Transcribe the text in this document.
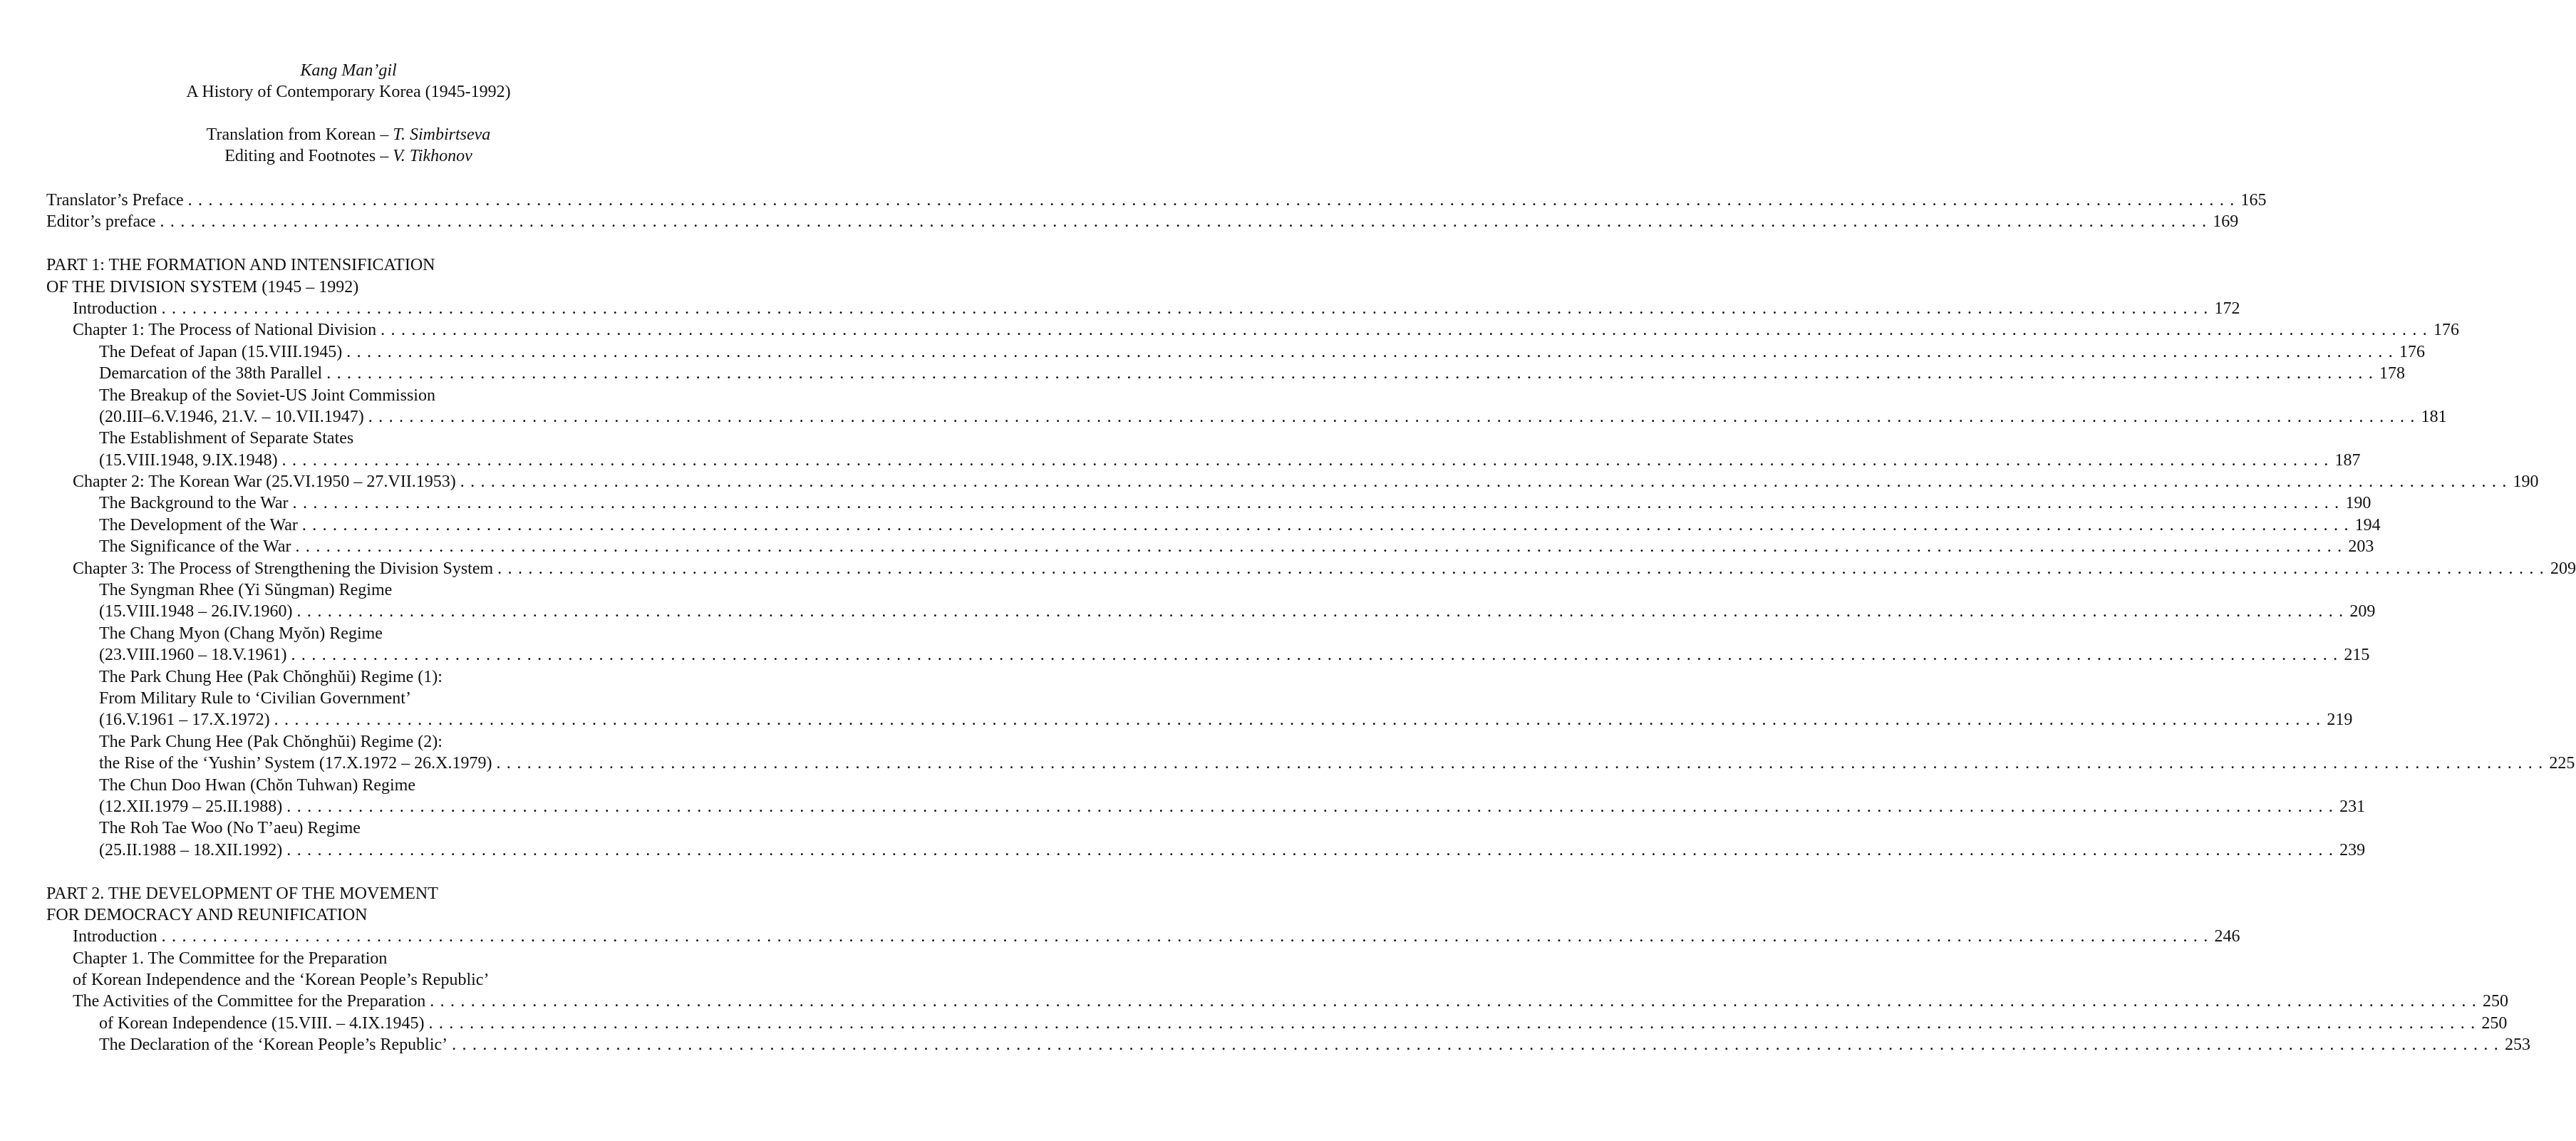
Kang Man’gil
A History of Contemporary Korea (1945-1992)
Translation from Korean – T. Simbirtseva
Editing and Footnotes – V. Tikhonov
Translator’s Preface . . . . . . . . . . . . . . . . . . . . . . . . . . . . . . . . . . . . . . . . . . . . . . . . . . . . . . . . . . . . . . . . . . . . . . . . . . . . . . . . . . . . . . . . . . . . . . . . . . . . . . . . . . . . . . . . . . . . . . . . . . . . . . . . . . . . . . . . . . . . . . . . . . . . . . . . . . . . . . . . . . . . . . . . . . . . . . . . . . . . . . . . . . . . . . . . . . . . . . . . 165
Editor’s preface . . . . . . . . . . . . . . . . . . . . . . . . . . . . . . . . . . . . . . . . . . . . . . . . . . . . . . . . . . . . . . . . . . . . . . . . . . . . . . . . . . . . . . . . . . . . . . . . . . . . . . . . . . . . . . . . . . . . . . . . . . . . . . . . . . . . . . . . . . . . . . . . . . . . . . . . . . . . . . . . . . . . . . . . . . . . . . . . . . . . . . . . . . . . . . . . . . . . . . . . 169
PART 1: THE FORMATION AND INTENSIFICATION
OF THE DIVISION SYSTEM (1945 – 1992)
Introduction . . . . . . . . . . . . . . . . . . . . . . . . . . . . . . . . . . . . . . . . . . . . . . . . . . . . . . . . . . . . . . . . . . . . . . . . . . . . . . . . . . . . . . . . . . . . . . . . . . . . . . . . . . . . . . . . . . . . . . . . . . . . . . . . . . . . . . . . . . . . . . . . . . . . . . . . . . . . . . . . . . . . . . . . . . . . . . . . . . . . . . . . . . . . . . . . . . . . . . . . 172
Chapter 1: The Process of National Division . . . . . . . . . . . . . . . . . . . . . . . . . . . . . . . . . . . . . . . . . . . . . . . . . . . . . . . . . . . . . . . . . . . . . . . . . . . . . . . . . . . . . . . . . . . . . . . . . . . . . . . . . . . . . . . . . . . . . . . . . . . . . . . . . . . . . . . . . . . . . . . . . . . . . . . . . . . . . . . . . . . . . . . . . . . . . . . . . . . . . . . . . . . . . . . . . . . . . . . . 176
The Defeat of Japan (15.VIII.1945) . . . . . . . . . . . . . . . . . . . . . . . . . . . . . . . . . . . . . . . . . . . . . . . . . . . . . . . . . . . . . . . . . . . . . . . . . . . . . . . . . . . . . . . . . . . . . . . . . . . . . . . . . . . . . . . . . . . . . . . . . . . . . . . . . . . . . . . . . . . . . . . . . . . . . . . . . . . . . . . . . . . . . . . . . . . . . . . . . . . . . . . . . . . . . . . . . . . . . . . . 176
Demarcation of the 38th Parallel . . . . . . . . . . . . . . . . . . . . . . . . . . . . . . . . . . . . . . . . . . . . . . . . . . . . . . . . . . . . . . . . . . . . . . . . . . . . . . . . . . . . . . . . . . . . . . . . . . . . . . . . . . . . . . . . . . . . . . . . . . . . . . . . . . . . . . . . . . . . . . . . . . . . . . . . . . . . . . . . . . . . . . . . . . . . . . . . . . . . . . . . . . . . . . . . . . . . . . . . 178
The Breakup of the Soviet-US Joint Commission
(20.III–6.V.1946, 21.V. – 10.VII.1947) . . . . . . . . . . . . . . . . . . . . . . . . . . . . . . . . . . . . . . . . . . . . . . . . . . . . . . . . . . . . . . . . . . . . . . . . . . . . . . . . . . . . . . . . . . . . . . . . . . . . . . . . . . . . . . . . . . . . . . . . . . . . . . . . . . . . . . . . . . . . . . . . . . . . . . . . . . . . . . . . . . . . . . . . . . . . . . . . . . . . . . . . . . . . . . . . . . . . . . . . 181
The Establishment of Separate States
(15.VIII.1948, 9.IX.1948) . . . . . . . . . . . . . . . . . . . . . . . . . . . . . . . . . . . . . . . . . . . . . . . . . . . . . . . . . . . . . . . . . . . . . . . . . . . . . . . . . . . . . . . . . . . . . . . . . . . . . . . . . . . . . . . . . . . . . . . . . . . . . . . . . . . . . . . . . . . . . . . . . . . . . . . . . . . . . . . . . . . . . . . . . . . . . . . . . . . . . . . . . . . . . . . . . . . . . . . . 187
Chapter 2: The Korean War (25.VI.1950 – 27.VII.1953) . . . . . . . . . . . . . . . . . . . . . . . . . . . . . . . . . . . . . . . . . . . . . . . . . . . . . . . . . . . . . . . . . . . . . . . . . . . . . . . . . . . . . . . . . . . . . . . . . . . . . . . . . . . . . . . . . . . . . . . . . . . . . . . . . . . . . . . . . . . . . . . . . . . . . . . . . . . . . . . . . . . . . . . . . . . . . . . . . . . . . . . . . . . . . . . . . . . . . . . . 190
The Background to the War . . . . . . . . . . . . . . . . . . . . . . . . . . . . . . . . . . . . . . . . . . . . . . . . . . . . . . . . . . . . . . . . . . . . . . . . . . . . . . . . . . . . . . . . . . . . . . . . . . . . . . . . . . . . . . . . . . . . . . . . . . . . . . . . . . . . . . . . . . . . . . . . . . . . . . . . . . . . . . . . . . . . . . . . . . . . . . . . . . . . . . . . . . . . . . . . . . . . . . . . 190
The Development of the War . . . . . . . . . . . . . . . . . . . . . . . . . . . . . . . . . . . . . . . . . . . . . . . . . . . . . . . . . . . . . . . . . . . . . . . . . . . . . . . . . . . . . . . . . . . . . . . . . . . . . . . . . . . . . . . . . . . . . . . . . . . . . . . . . . . . . . . . . . . . . . . . . . . . . . . . . . . . . . . . . . . . . . . . . . . . . . . . . . . . . . . . . . . . . . . . . . . . . . . . 194
The Significance of the War . . . . . . . . . . . . . . . . . . . . . . . . . . . . . . . . . . . . . . . . . . . . . . . . . . . . . . . . . . . . . . . . . . . . . . . . . . . . . . . . . . . . . . . . . . . . . . . . . . . . . . . . . . . . . . . . . . . . . . . . . . . . . . . . . . . . . . . . . . . . . . . . . . . . . . . . . . . . . . . . . . . . . . . . . . . . . . . . . . . . . . . . . . . . . . . . . . . . . . . . 203
Chapter 3: The Process of Strengthening the Division System . . . . . . . . . . . . . . . . . . . . . . . . . . . . . . . . . . . . . . . . . . . . . . . . . . . . . . . . . . . . . . . . . . . . . . . . . . . . . . . . . . . . . . . . . . . . . . . . . . . . . . . . . . . . . . . . . . . . . . . . . . . . . . . . . . . . . . . . . . . . . . . . . . . . . . . . . . . . . . . . . . . . . . . . . . . . . . . . . . . . . . . . . . . . . . . . . . . . . . . . 209
The Syngman Rhee (Yi Sŭngman) Regime
(15.VIII.1948 – 26.IV.1960) . . . . . . . . . . . . . . . . . . . . . . . . . . . . . . . . . . . . . . . . . . . . . . . . . . . . . . . . . . . . . . . . . . . . . . . . . . . . . . . . . . . . . . . . . . . . . . . . . . . . . . . . . . . . . . . . . . . . . . . . . . . . . . . . . . . . . . . . . . . . . . . . . . . . . . . . . . . . . . . . . . . . . . . . . . . . . . . . . . . . . . . . . . . . . . . . . . . . . . . . 209
The Chang Myon (Chang Myŏn) Regime
(23.VIII.1960 – 18.V.1961) . . . . . . . . . . . . . . . . . . . . . . . . . . . . . . . . . . . . . . . . . . . . . . . . . . . . . . . . . . . . . . . . . . . . . . . . . . . . . . . . . . . . . . . . . . . . . . . . . . . . . . . . . . . . . . . . . . . . . . . . . . . . . . . . . . . . . . . . . . . . . . . . . . . . . . . . . . . . . . . . . . . . . . . . . . . . . . . . . . . . . . . . . . . . . . . . . . . . . . . . 215
The Park Chung Hee (Pak Chŏnghŭi) Regime (1):
From Military Rule to ‘Civilian Government’
(16.V.1961 – 17.X.1972) . . . . . . . . . . . . . . . . . . . . . . . . . . . . . . . . . . . . . . . . . . . . . . . . . . . . . . . . . . . . . . . . . . . . . . . . . . . . . . . . . . . . . . . . . . . . . . . . . . . . . . . . . . . . . . . . . . . . . . . . . . . . . . . . . . . . . . . . . . . . . . . . . . . . . . . . . . . . . . . . . . . . . . . . . . . . . . . . . . . . . . . . . . . . . . . . . . . . . . . . 219
The Park Chung Hee (Pak Chŏnghŭi) Regime (2):
the Rise of the ‘Yushin’ System (17.X.1972 – 26.X.1979) . . . . . . . . . . . . . . . . . . . . . . . . . . . . . . . . . . . . . . . . . . . . . . . . . . . . . . . . . . . . . . . . . . . . . . . . . . . . . . . . . . . . . . . . . . . . . . . . . . . . . . . . . . . . . . . . . . . . . . . . . . . . . . . . . . . . . . . . . . . . . . . . . . . . . . . . . . . . . . . . . . . . . . . . . . . . . . . . . . . . . . . . . . . . . . . . . . . . . . . . 225
The Chun Doo Hwan (Chŏn Tuhwan) Regime
(12.XII.1979 – 25.II.1988) . . . . . . . . . . . . . . . . . . . . . . . . . . . . . . . . . . . . . . . . . . . . . . . . . . . . . . . . . . . . . . . . . . . . . . . . . . . . . . . . . . . . . . . . . . . . . . . . . . . . . . . . . . . . . . . . . . . . . . . . . . . . . . . . . . . . . . . . . . . . . . . . . . . . . . . . . . . . . . . . . . . . . . . . . . . . . . . . . . . . . . . . . . . . . . . . . . . . . . . . 231
The Roh Tae Woo (No T’aeu) Regime
(25.II.1988 – 18.XII.1992) . . . . . . . . . . . . . . . . . . . . . . . . . . . . . . . . . . . . . . . . . . . . . . . . . . . . . . . . . . . . . . . . . . . . . . . . . . . . . . . . . . . . . . . . . . . . . . . . . . . . . . . . . . . . . . . . . . . . . . . . . . . . . . . . . . . . . . . . . . . . . . . . . . . . . . . . . . . . . . . . . . . . . . . . . . . . . . . . . . . . . . . . . . . . . . . . . . . . . . . . 239
PART 2. THE DEVELOPMENT OF THE MOVEMENT
FOR DEMOCRACY AND REUNIFICATION
Introduction . . . . . . . . . . . . . . . . . . . . . . . . . . . . . . . . . . . . . . . . . . . . . . . . . . . . . . . . . . . . . . . . . . . . . . . . . . . . . . . . . . . . . . . . . . . . . . . . . . . . . . . . . . . . . . . . . . . . . . . . . . . . . . . . . . . . . . . . . . . . . . . . . . . . . . . . . . . . . . . . . . . . . . . . . . . . . . . . . . . . . . . . . . . . . . . . . . . . . . . . 246
Chapter 1. The Committee for the Preparation
of Korean Independence and the ‘Korean People’s Republic’
The Activities of the Committee for the Preparation . . . . . . . . . . . . . . . . . . . . . . . . . . . . . . . . . . . . . . . . . . . . . . . . . . . . . . . . . . . . . . . . . . . . . . . . . . . . . . . . . . . . . . . . . . . . . . . . . . . . . . . . . . . . . . . . . . . . . . . . . . . . . . . . . . . . . . . . . . . . . . . . . . . . . . . . . . . . . . . . . . . . . . . . . . . . . . . . . . . . . . . . . . . . . . . . . . . . . . . . 250
of Korean Independence (15.VIII. – 4.IX.1945) . . . . . . . . . . . . . . . . . . . . . . . . . . . . . . . . . . . . . . . . . . . . . . . . . . . . . . . . . . . . . . . . . . . . . . . . . . . . . . . . . . . . . . . . . . . . . . . . . . . . . . . . . . . . . . . . . . . . . . . . . . . . . . . . . . . . . . . . . . . . . . . . . . . . . . . . . . . . . . . . . . . . . . . . . . . . . . . . . . . . . . . . . . . . . . . . . . . . . . . . 250
The Declaration of the ‘Korean People’s Republic’ . . . . . . . . . . . . . . . . . . . . . . . . . . . . . . . . . . . . . . . . . . . . . . . . . . . . . . . . . . . . . . . . . . . . . . . . . . . . . . . . . . . . . . . . . . . . . . . . . . . . . . . . . . . . . . . . . . . . . . . . . . . . . . . . . . . . . . . . . . . . . . . . . . . . . . . . . . . . . . . . . . . . . . . . . . . . . . . . . . . . . . . . . . . . . . . . . . . . . . . . 253
